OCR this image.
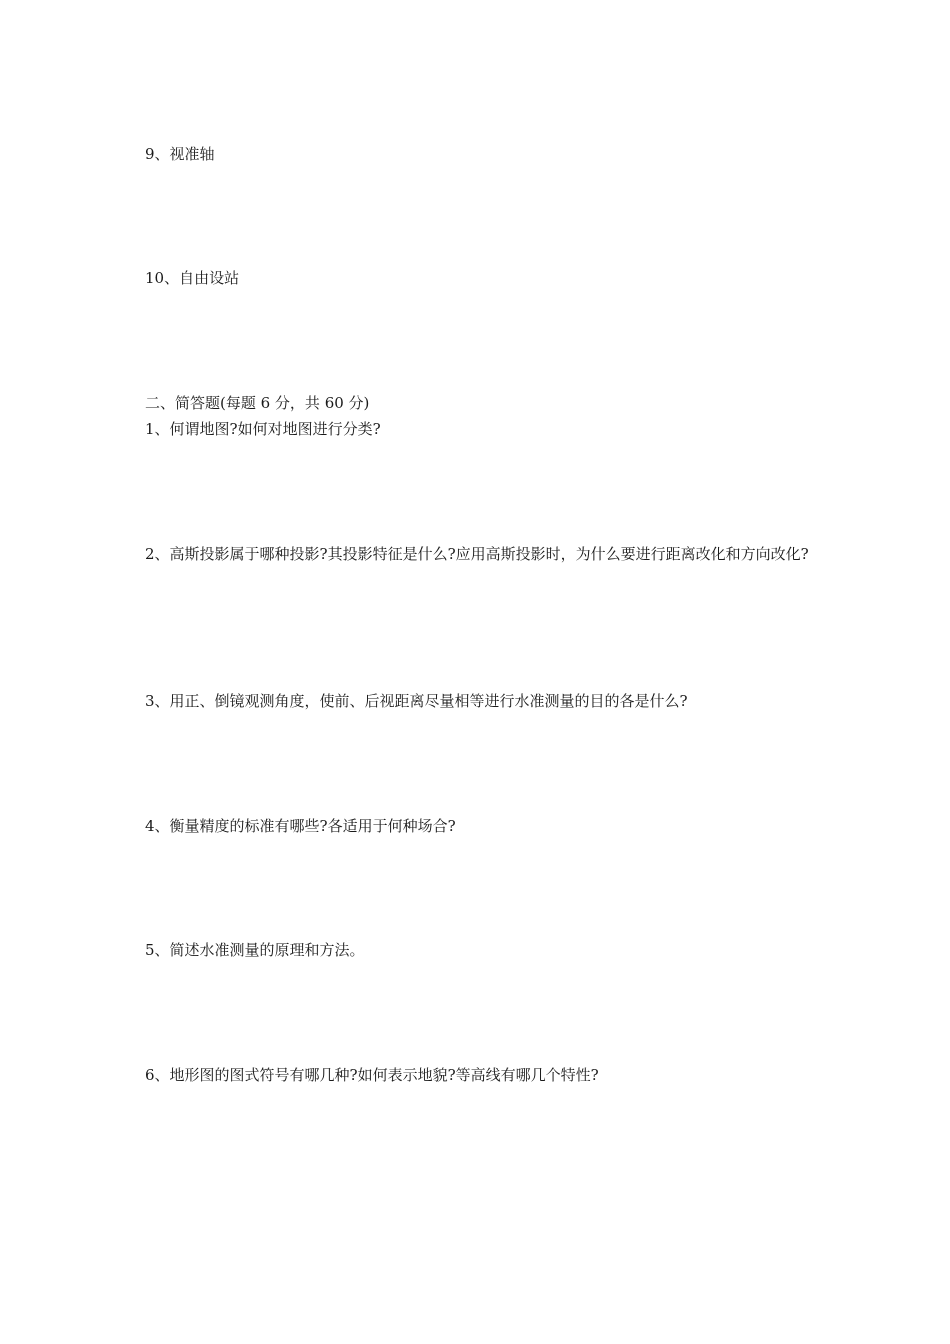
9、视准轴
10、自由设站
二、简答题(每题 6 分，共 60 分)
1、何谓地图?如何对地图进行分类?
2、高斯投影属于哪种投影?其投影特征是什么?应用高斯投影时，为什么要进行距离改化和方向改化?
3、用正、倒镜观测角度，使前、后视距离尽量相等进行水准测量的目的各是什么?
4、衡量精度的标准有哪些?各适用于何种场合?
5、简述水准测量的原理和方法。
6、地形图的图式符号有哪几种?如何表示地貌?等高线有哪几个特性?
